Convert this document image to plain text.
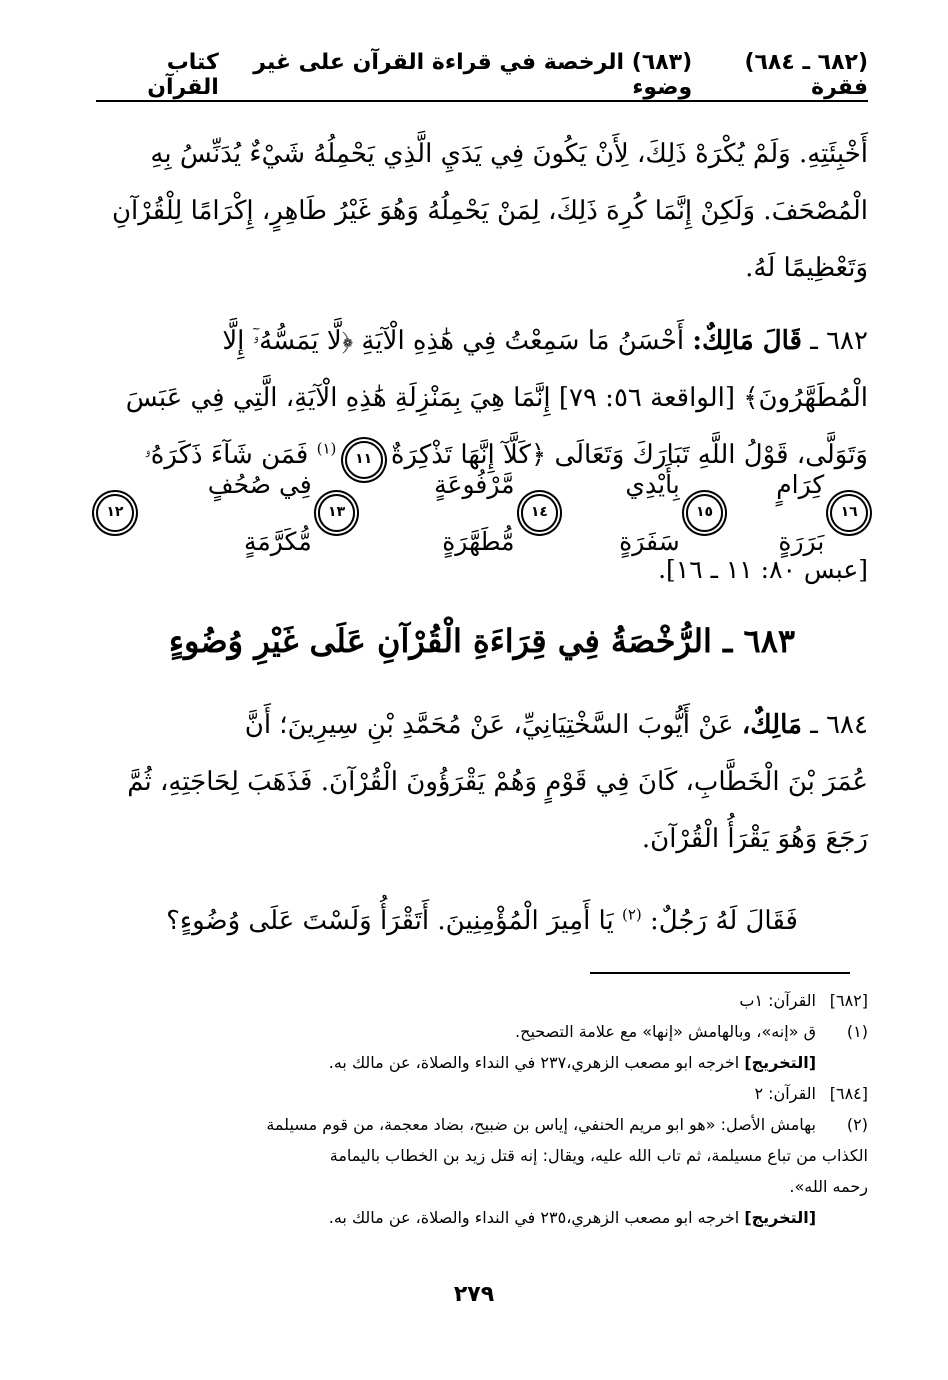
كتاب القرآن
(٦٨٣) الرخصة في قراءة القرآن على غير وضوء
(٦٨٢ ـ ٦٨٤) فقرة

أَخْبِئَتِهِ. وَلَمْ يُكْرَهْ ذَلِكَ، لِأَنْ يَكُونَ فِي يَدَيِ الَّذِي يَحْمِلُهُ شَيْءٌ يُدَنِّسُ بِهِ

الْمُصْحَفَ. وَلَكِنْ إِنَّمَا كُرِهَ ذَلِكَ، لِمَنْ يَحْمِلُهُ وَهُوَ غَيْرُ طَاهِرٍ، إِكْرَامًا لِلْقُرْآنِ

وَتَعْظِيمًا لَهُ.

٦٨٢ ـ قَالَ مَالِكٌ: أَحْسَنُ مَا سَمِعْتُ فِي هَٰذِهِ الْآيَةِ ﴿لَّا يَمَسُّهُۥٓ إِلَّا

الْمُطَهَّرُونَ﴾ [الواقعة ٥٦: ٧٩] إِنَّمَا هِيَ بِمَنْزِلَةِ هَٰذِهِ الْآيَةِ، الَّتِي فِي عَبَسَ

وَتَوَلَّى، قَوْلُ اللَّهِ تَبَارَكَ وَتَعَالَى ﴿كَلَّآ إِنَّهَا تَذْكِرَةٌ ١١ $^{(١)}$ فَمَن شَآءَ ذَكَرَهُۥ

١٢
فِي صُحُفٍ مُّكَرَّمَةٍ
١٣
مَّرْفُوعَةٍ مُّطَهَّرَةٍ
١٤
بِأَيْدِي سَفَرَةٍ
١٥
كِرَامٍ بَرَرَةٍ
١٦
[عبس ٨٠: ١١ ـ ١٦].
٦٨٣ ـ الرُّخْصَةُ فِي قِرَاءَةِ الْقُرْآنِ عَلَى غَيْرِ وُضُوءٍ

٦٨٤ ـ مَالِكٌ، عَنْ أَيُّوبَ السَّخْتِيَانِيِّ، عَنْ مُحَمَّدِ بْنِ سِيرِينَ؛ أَنَّ

عُمَرَ بْنَ الْخَطَّابِ، كَانَ فِي قَوْمٍ وَهُمْ يَقْرَؤُونَ الْقُرْآنَ. فَذَهَبَ لِحَاجَتِهِ، ثُمَّ

رَجَعَ وَهُوَ يَقْرَأُ الْقُرْآنَ.

فَقَالَ لَهُ رَجُلٌ: $^{(٢)}$ يَا أَمِيرَ الْمُؤْمِنِينَ. أَتَقْرَأُ وَلَسْتَ عَلَى وُضُوءٍ؟

[٦٨٢]
القرآن: ١ب
(١)
ق «إنه»، وبالهامش «إنها» مع علامة التصحيح.
[التخريج] اخرجه ابو مصعب الزهري،٢٣٧ في النداء والصلاة، عن مالك به.
[٦٨٤]
القرآن: ٢
(٢)
بهامش الأصل: «هو ابو مريم الحنفي، إياس بن ضبيح، بضاد معجمة، من قوم مسيلمة
الكذاب من تباع مسيلمة، ثم تاب الله عليه، ويقال: إنه قتل زيد بن الخطاب باليمامة
رحمه الله».
[التخريج] اخرجه ابو مصعب الزهري،٢٣٥ في النداء والصلاة، عن مالك به.
٢٧٩
